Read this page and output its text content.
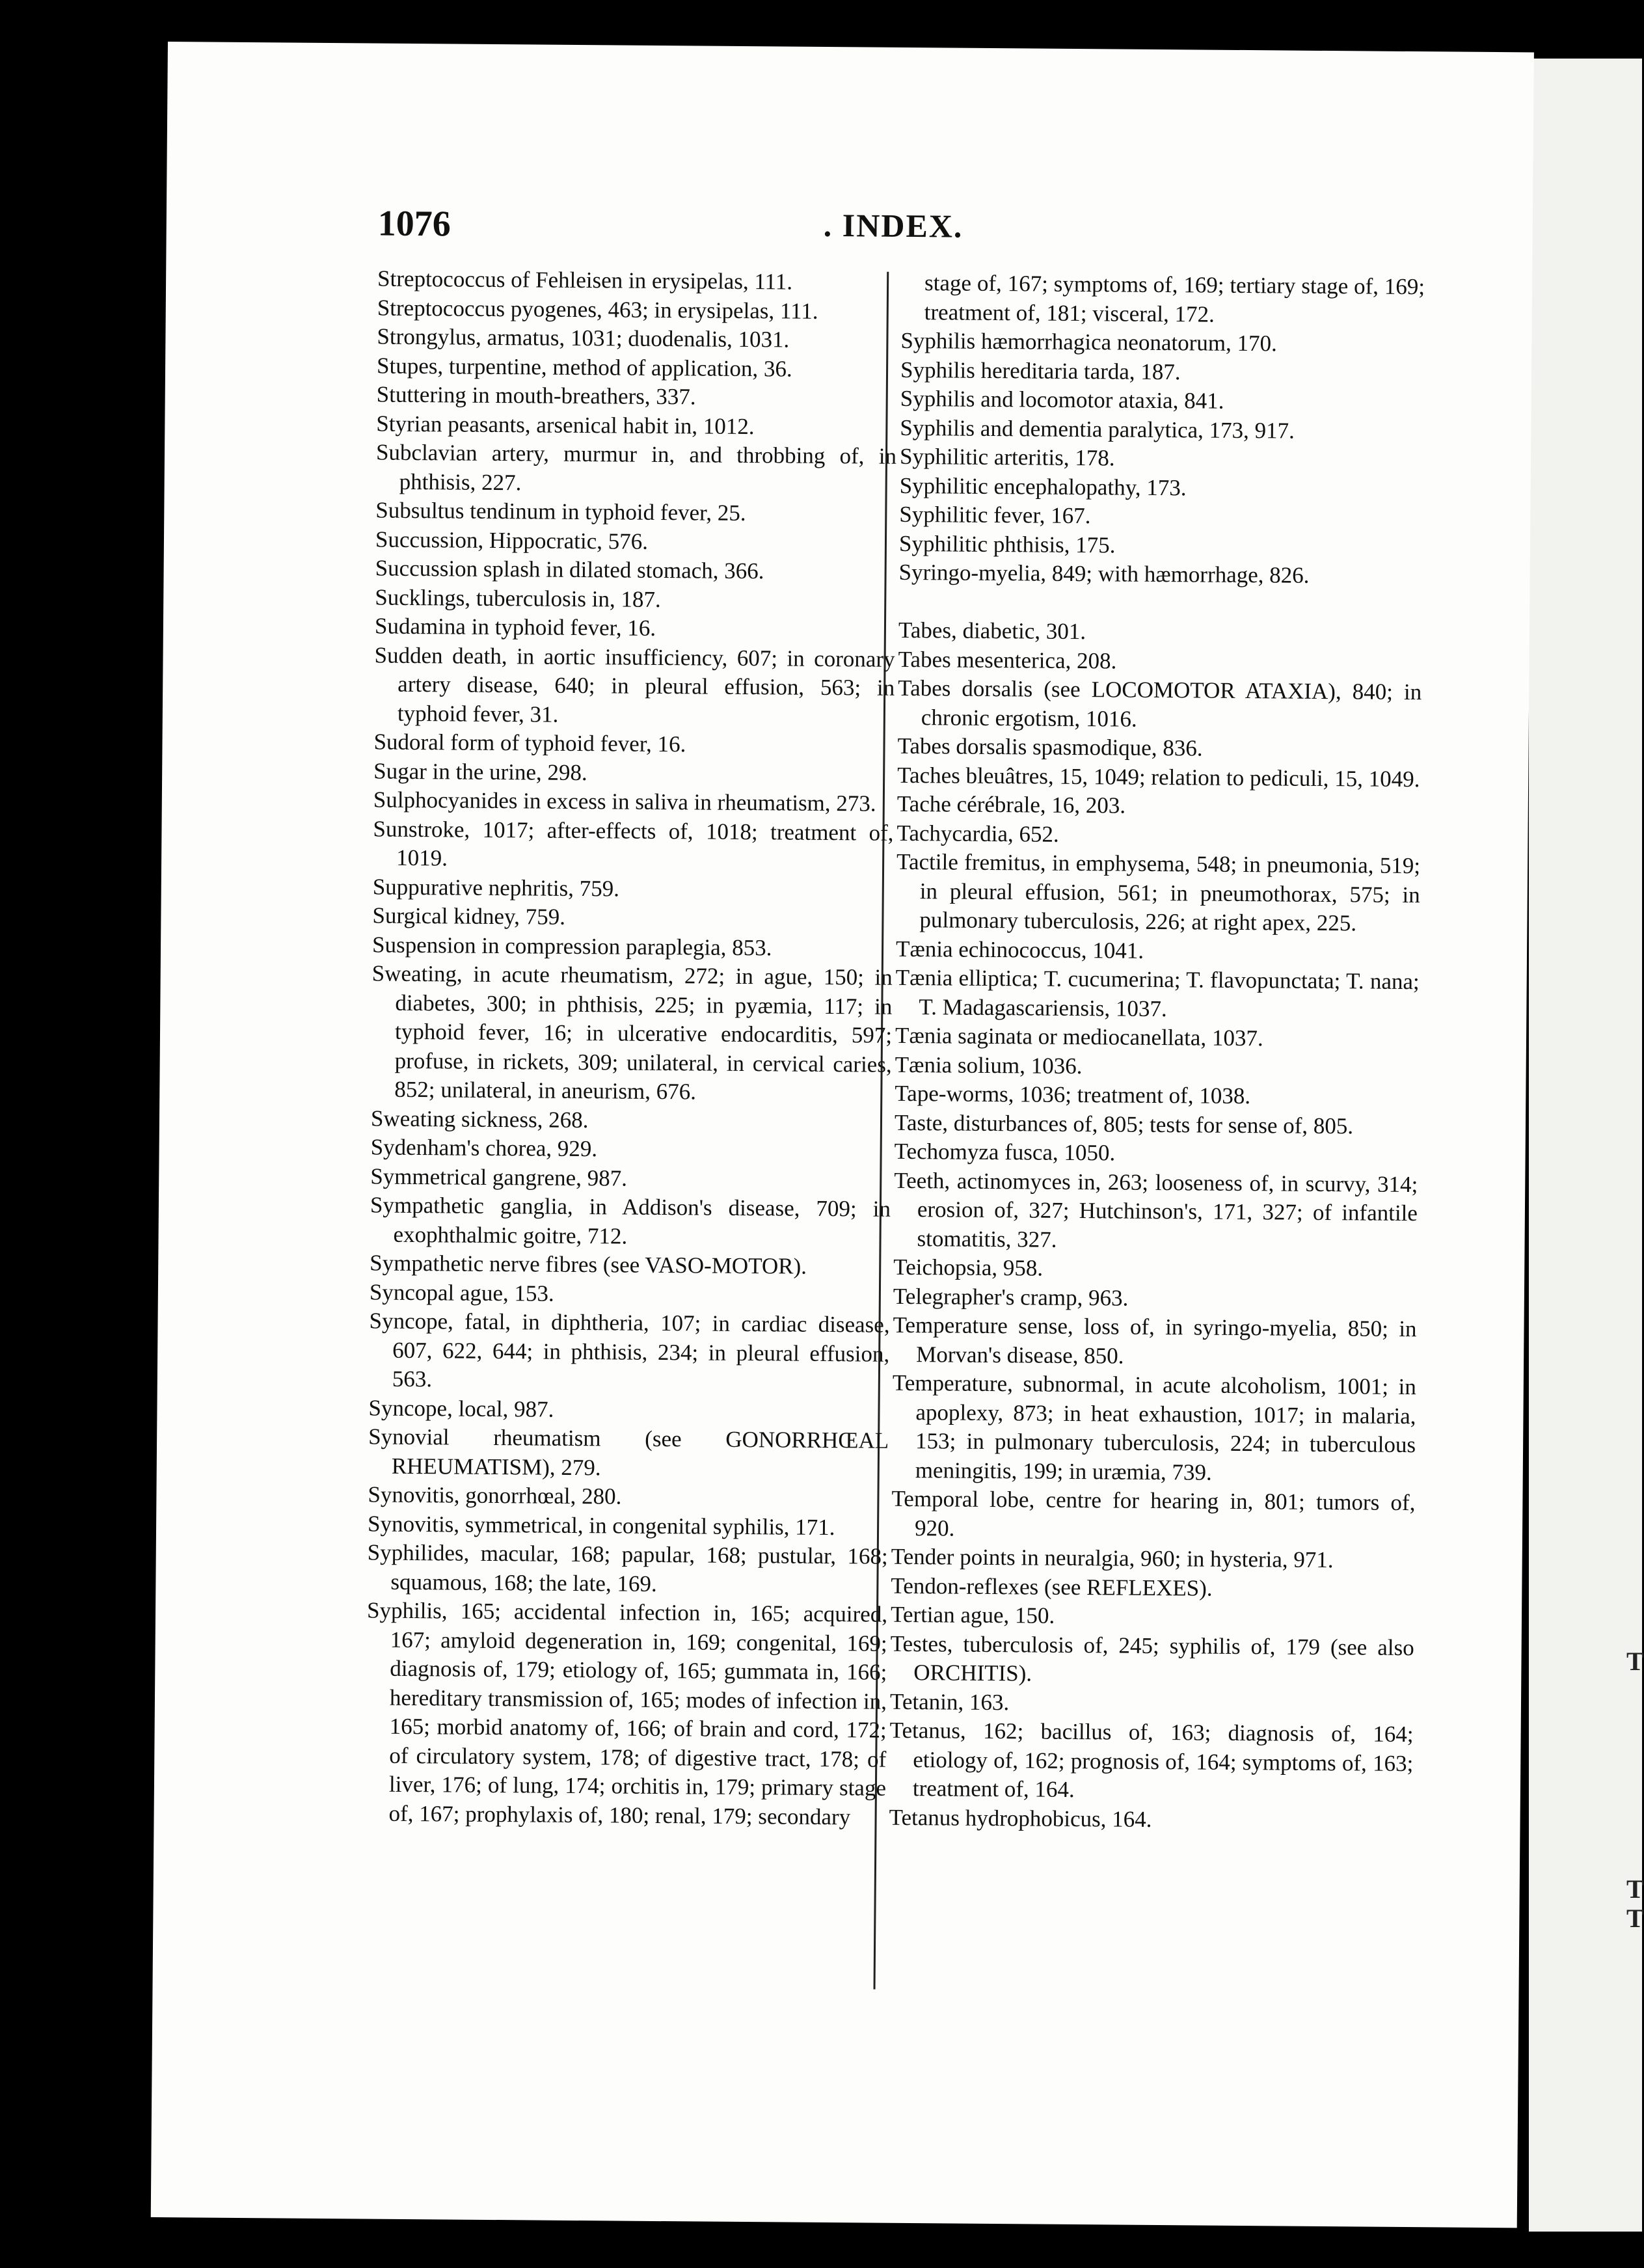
T
T
T
1076	. INDEX.

Streptococcus of Fehleisen in erysipelas, 111.

Streptococcus pyogenes, 463; in erysipelas, 111.

Strongylus, armatus, 1031; duodenalis, 1031.

Stupes, turpentine, method of application, 36.

Stuttering in mouth-breathers, 337.

Styrian peasants, arsenical habit in, 1012.

Subclavian artery, murmur in, and throbbing of, in phthisis, 227.

Subsultus tendinum in typhoid fever, 25.

Succussion, Hippocratic, 576.

Succussion splash in dilated stomach, 366.

Sucklings, tuberculosis in, 187.

Sudamina in typhoid fever, 16.

Sudden death, in aortic insufficiency, 607; in coronary artery disease, 640; in pleural effusion, 563; in typhoid fever, 31.

Sudoral form of typhoid fever, 16.

Sugar in the urine, 298.

Sulphocyanides in excess in saliva in rheumatism, 273.

Sunstroke, 1017; after-effects of, 1018; treatment of, 1019.

Suppurative nephritis, 759.

Surgical kidney, 759.

Suspension in compression paraplegia, 853.

Sweating, in acute rheumatism, 272; in ague, 150; in diabetes, 300; in phthisis, 225; in pyæmia, 117; in typhoid fever, 16; in ulcerative endocarditis, 597; profuse, in rickets, 309; unilateral, in cervical caries, 852; unilateral, in aneurism, 676.

Sweating sickness, 268.

Sydenham's chorea, 929.

Symmetrical gangrene, 987.

Sympathetic ganglia, in Addison's disease, 709; in exophthalmic goitre, 712.

Sympathetic nerve fibres (see VASO-MOTOR).

Syncopal ague, 153.

Syncope, fatal, in diphtheria, 107; in cardiac disease, 607, 622, 644; in phthisis, 234; in pleural effusion, 563.

Syncope, local, 987.

Synovial rheumatism (see GONORRHŒAL RHEUMATISM), 279.

Synovitis, gonorrhœal, 280.

Synovitis, symmetrical, in congenital syphilis, 171.

Syphilides, macular, 168; papular, 168; pustular, 168; squamous, 168; the late, 169.

Syphilis, 165; accidental infection in, 165; acquired, 167; amyloid degeneration in, 169; congenital, 169; diagnosis of, 179; etiology of, 165; gummata in, 166; hereditary transmission of, 165; modes of infection in, 165; morbid anatomy of, 166; of brain and cord, 172; of circulatory system, 178; of digestive tract, 178; of liver, 176; of lung, 174; orchitis in, 179; primary stage of, 167; prophylaxis of, 180; renal, 179; secondary

stage of, 167; symptoms of, 169; tertiary stage of, 169; treatment of, 181; visceral, 172.

Syphilis hæmorrhagica neonatorum, 170.

Syphilis hereditaria tarda, 187.

Syphilis and locomotor ataxia, 841.

Syphilis and dementia paralytica, 173, 917.

Syphilitic arteritis, 178.

Syphilitic encephalopathy, 173.

Syphilitic fever, 167.

Syphilitic phthisis, 175.

Syringo-myelia, 849; with hæmorrhage, 826.

Tabes, diabetic, 301.

Tabes mesenterica, 208.

Tabes dorsalis (see LOCOMOTOR ATAXIA), 840; in chronic ergotism, 1016.

Tabes dorsalis spasmodique, 836.

Taches bleuâtres, 15, 1049; relation to pediculi, 15, 1049.

Tache cérébrale, 16, 203.

Tachycardia, 652.

Tactile fremitus, in emphysema, 548; in pneumonia, 519; in pleural effusion, 561; in pneumothorax, 575; in pulmonary tuberculosis, 226; at right apex, 225.

Tænia echinococcus, 1041.

Tænia elliptica; T. cucumerina; T. flavopunctata; T. nana; T. Madagascariensis, 1037.

Tænia saginata or mediocanellata, 1037.

Tænia solium, 1036.

Tape-worms, 1036; treatment of, 1038.

Taste, disturbances of, 805; tests for sense of, 805.

Techomyza fusca, 1050.

Teeth, actinomyces in, 263; looseness of, in scurvy, 314; erosion of, 327; Hutchinson's, 171, 327; of infantile stomatitis, 327.

Teichopsia, 958.

Telegrapher's cramp, 963.

Temperature sense, loss of, in syringo-myelia, 850; in Morvan's disease, 850.

Temperature, subnormal, in acute alcoholism, 1001; in apoplexy, 873; in heat exhaustion, 1017; in malaria, 153; in pulmonary tuberculosis, 224; in tuberculous meningitis, 199; in uræmia, 739.

Temporal lobe, centre for hearing in, 801; tumors of, 920.

Tender points in neuralgia, 960; in hysteria, 971.

Tendon-reflexes (see REFLEXES).

Tertian ague, 150.

Testes, tuberculosis of, 245; syphilis of, 179 (see also ORCHITIS).

Tetanin, 163.

Tetanus, 162; bacillus of, 163; diagnosis of, 164; etiology of, 162; prognosis of, 164; symptoms of, 163; treatment of, 164.

Tetanus hydrophobicus, 164.
